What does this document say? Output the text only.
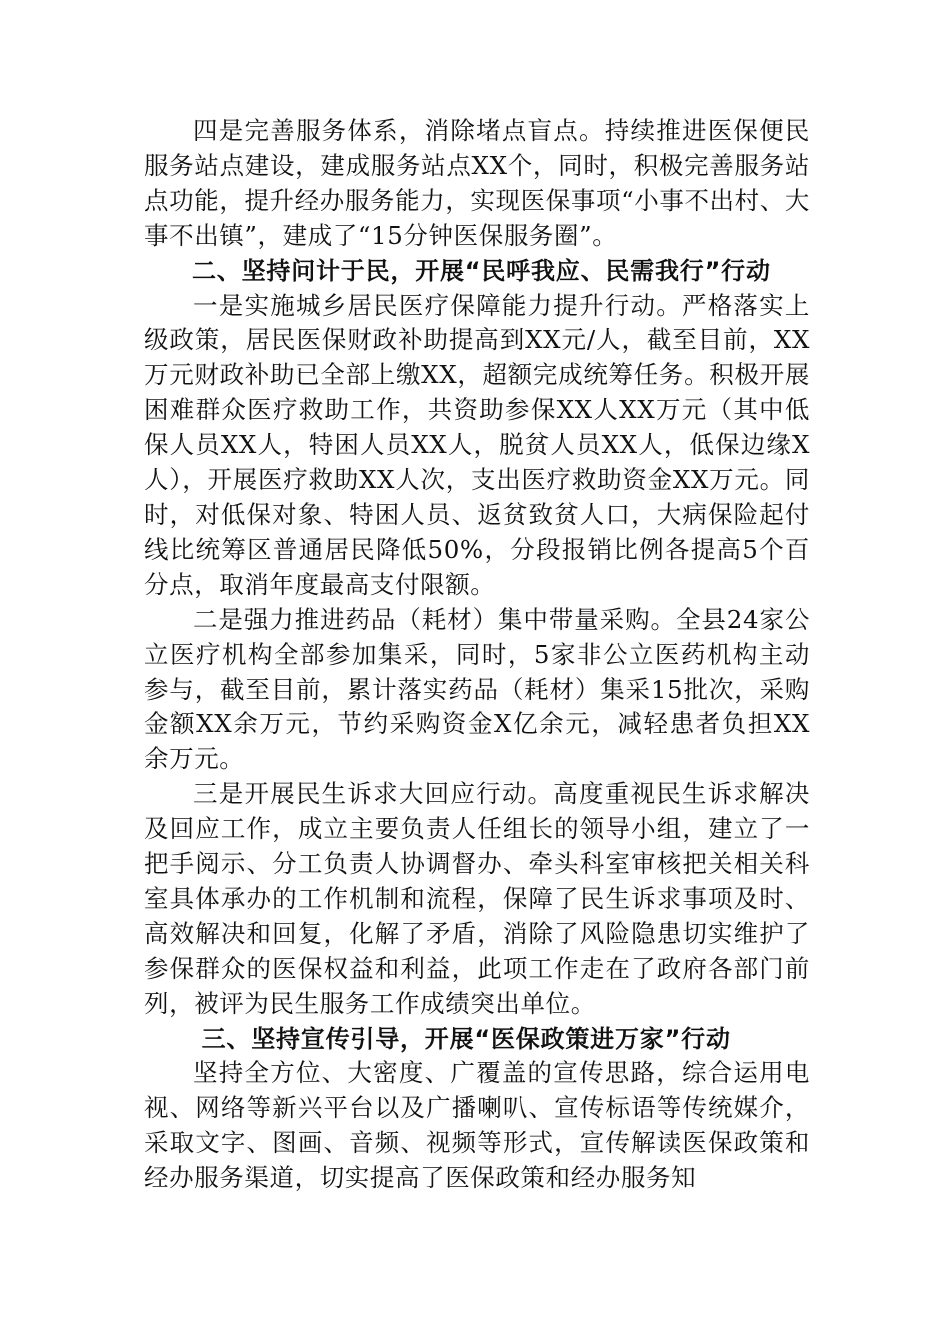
四是完善服务体系，消除堵点盲点。持续推进医保便民服务站点建设，建成服务站点XX个，同时，积极完善服务站点功能，提升经办服务能力，实现医保事项“小事不出村、大事不出镇”，建成了“15分钟医保服务圈”。

二、坚持问计于民，开展“民呼我应、民需我行”行动

一是实施城乡居民医疗保障能力提升行动。严格落实上级政策，居民医保财政补助提高到XX元/人，截至目前，XX万元财政补助已全部上缴XX，超额完成统筹任务。积极开展困难群众医疗救助工作，共资助参保XX人XX万元（其中低保人员XX人，特困人员XX人，脱贫人员XX人，低保边缘X人），开展医疗救助XX人次，支出医疗救助资金XX万元。同时，对低保对象、特困人员、返贫致贫人口，大病保险起付线比统筹区普通居民降低50%，分段报销比例各提高5个百分点，取消年度最高支付限额。

二是强力推进药品（耗材）集中带量采购。全县24家公立医疗机构全部参加集采，同时，5家非公立医药机构主动参与，截至目前，累计落实药品（耗材）集采15批次，采购金额XX余万元，节约采购资金X亿余元，减轻患者负担XX余万元。

三是开展民生诉求大回应行动。高度重视民生诉求解决及回应工作，成立主要负责人任组长的领导小组，建立了一把手阅示、分工负责人协调督办、牵头科室审核把关相关科室具体承办的工作机制和流程，保障了民生诉求事项及时、高效解决和回复，化解了矛盾，消除了风险隐患切实维护了参保群众的医保权益和利益，此项工作走在了政府各部门前列，被评为民生服务工作成绩突出单位。

三、坚持宣传引导，开展“医保政策进万家”行动

坚持全方位、大密度、广覆盖的宣传思路，综合运用电视、网络等新兴平台以及广播喇叭、宣传标语等传统媒介，采取文字、图画、音频、视频等形式，宣传解读医保政策和经办服务渠道，切实提高了医保政策和经办服务知
